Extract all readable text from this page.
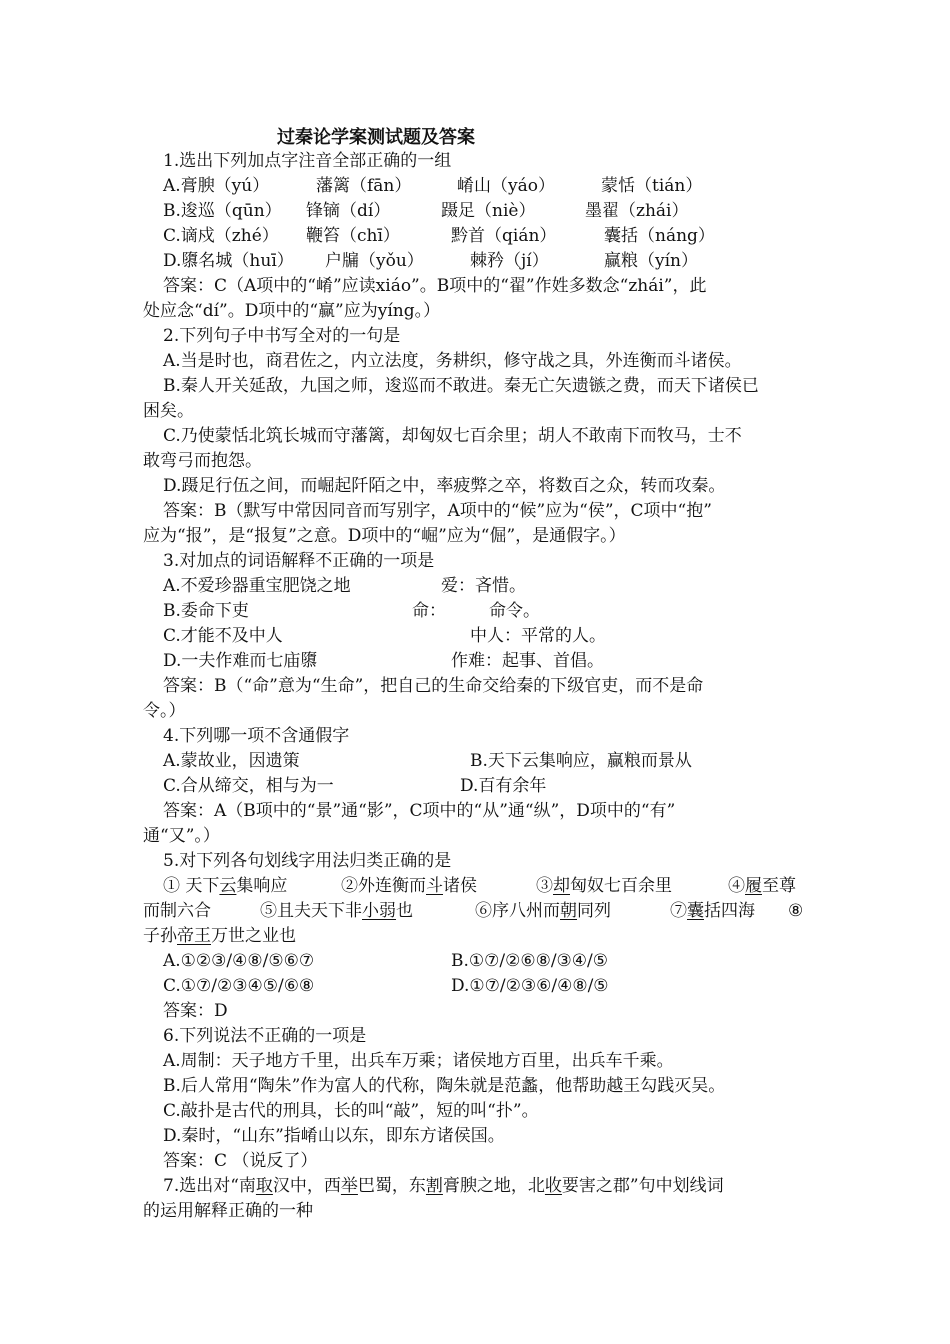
过秦论学案测试题及答案
1.选出下列加点字注音全部正确的一组
A.膏腴（yú）	藩篱（fān）	崤山（yáo）	蒙恬（tián）
B.逡巡（qūn） 锋镝（dí）	蹑足（niè）	墨翟（zhái）
C.谪戍（zhé） 鞭笞（chī）	黔首（qián）	囊括（náng）
D.隳名城（huī） 户牖（yǒu）	棘矜（jí）	赢粮（yín）
答案：C（A项中的“崤”应读xiáo”。B项中的“翟”作姓多数念“zhái”，此
处应念“dí”。D项中的“赢”应为yíng。）
2.下列句子中书写全对的一句是
A.当是时也，商君佐之，内立法度，务耕织，修守战之具，外连衡而斗诸侯。
B.秦人开关延敌，九国之师，逡巡而不敢进。秦无亡矢遗镞之费，而天下诸侯已
困矣。
C.乃使蒙恬北筑长城而守藩篱，却匈奴七百余里；胡人不敢南下而牧马，士不
敢弯弓而抱怨。
D.蹑足行伍之间，而崛起阡陌之中，率疲弊之卒，将数百之众，转而攻秦。
答案：B（默写中常因同音而写别字，A项中的“候”应为“侯”，C项中“抱”
应为“报”，是“报复”之意。D项中的“崛”应为“倔”，是通假字。）
3.对加点的词语解释不正确的一项是
A.不爱珍器重宝肥饶之地	爱：吝惜。
B.委命下吏	命：	命令。
C.才能不及中人	中人：平常的人。
D.一夫作难而七庙隳	作难：起事、首倡。
答案：B（“命”意为“生命”，把自己的生命交给秦的下级官吏，而不是命
令。）
4.下列哪一项不含通假字
A.蒙故业，因遗策	B.天下云集响应，赢粮而景从
C.合从缔交，相与为一	D.百有余年
答案：A（B项中的“景”通“影”，C项中的“从”通“纵”，D项中的“有”
通“又”。）
5.对下列各句划线字用法归类正确的是
① 天下云集响应	②外连衡而斗诸侯	③却匈奴七百余里	④履至尊
而制六合	⑤且夫天下非小弱也	⑥序八州而朝同列	⑦囊括四海 ⑧
子孙帝王万世之业也
A.①②③/④⑧/⑤⑥⑦	B.①⑦/②⑥⑧/③④/⑤
C.①⑦/②③④⑤/⑥⑧	D.①⑦/②③⑥/④⑧/⑤
答案：D
6.下列说法不正确的一项是
A.周制：天子地方千里，出兵车万乘；诸侯地方百里，出兵车千乘。
B.后人常用“陶朱”作为富人的代称，陶朱就是范蠡，他帮助越王勾践灭吴。
C.敲扑是古代的刑具，长的叫“敲”，短的叫“扑”。
D.秦时，“山东”指崤山以东，即东方诸侯国。
答案：C （说反了）
7.选出对“南取汉中，西举巴蜀，东割膏腴之地，北收要害之郡”句中划线词
的运用解释正确的一种
